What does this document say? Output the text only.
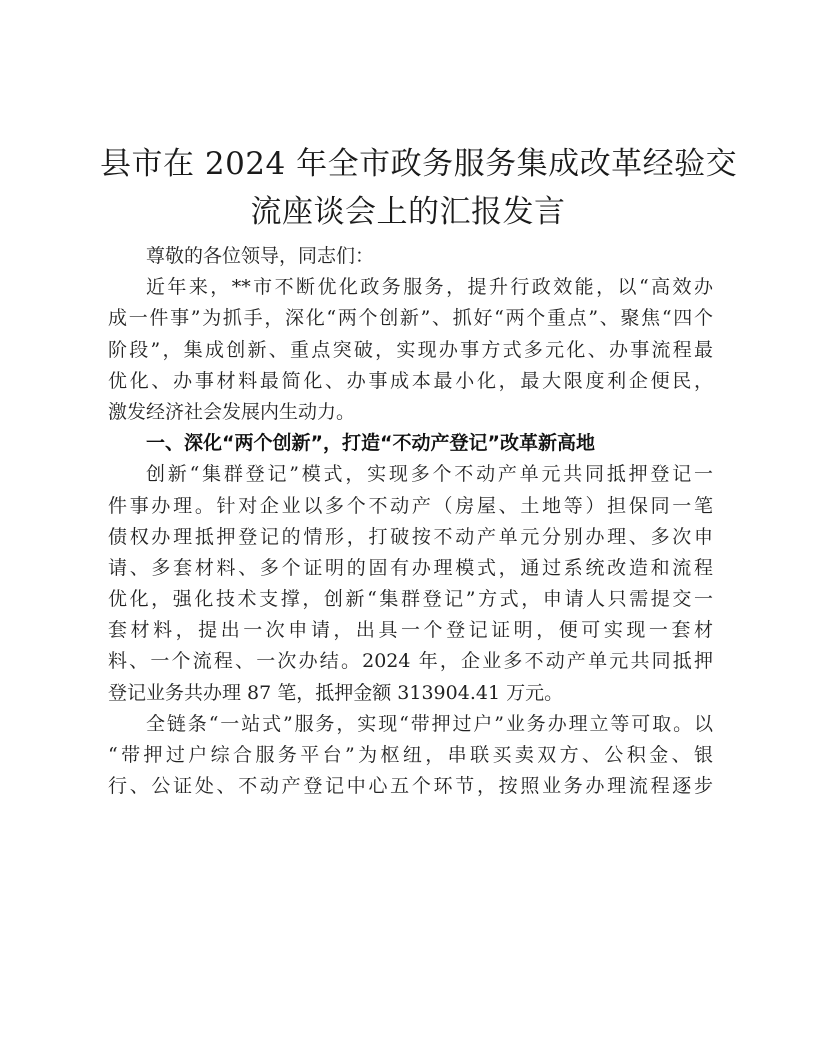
县市在 2024 年全市政务服务集成改革经验交
流座谈会上的汇报发言
尊敬的各位领导，同志们：
近年来，**市不断优化政务服务，提升行政效能，以“高效办
成一件事”为抓手，深化“两个创新”、抓好“两个重点”、聚焦“四个
阶段”，集成创新、重点突破，实现办事方式多元化、办事流程最
优化、办事材料最简化、办事成本最小化，最大限度利企便民，
激发经济社会发展内生动力。
一、深化“两个创新”，打造“不动产登记”改革新高地
创新“集群登记”模式，实现多个不动产单元共同抵押登记一
件事办理。针对企业以多个不动产（房屋、土地等）担保同一笔
债权办理抵押登记的情形，打破按不动产单元分别办理、多次申
请、多套材料、多个证明的固有办理模式，通过系统改造和流程
优化，强化技术支撑，创新“集群登记”方式，申请人只需提交一
套材料，提出一次申请，出具一个登记证明，便可实现一套材
料、一个流程、一次办结。2024 年，企业多不动产单元共同抵押
登记业务共办理 87 笔，抵押金额 313904.41 万元。
全链条“一站式”服务，实现“带押过户”业务办理立等可取。以
“带押过户综合服务平台”为枢纽，串联买卖双方、公积金、银
行、公证处、不动产登记中心五个环节，按照业务办理流程逐步
